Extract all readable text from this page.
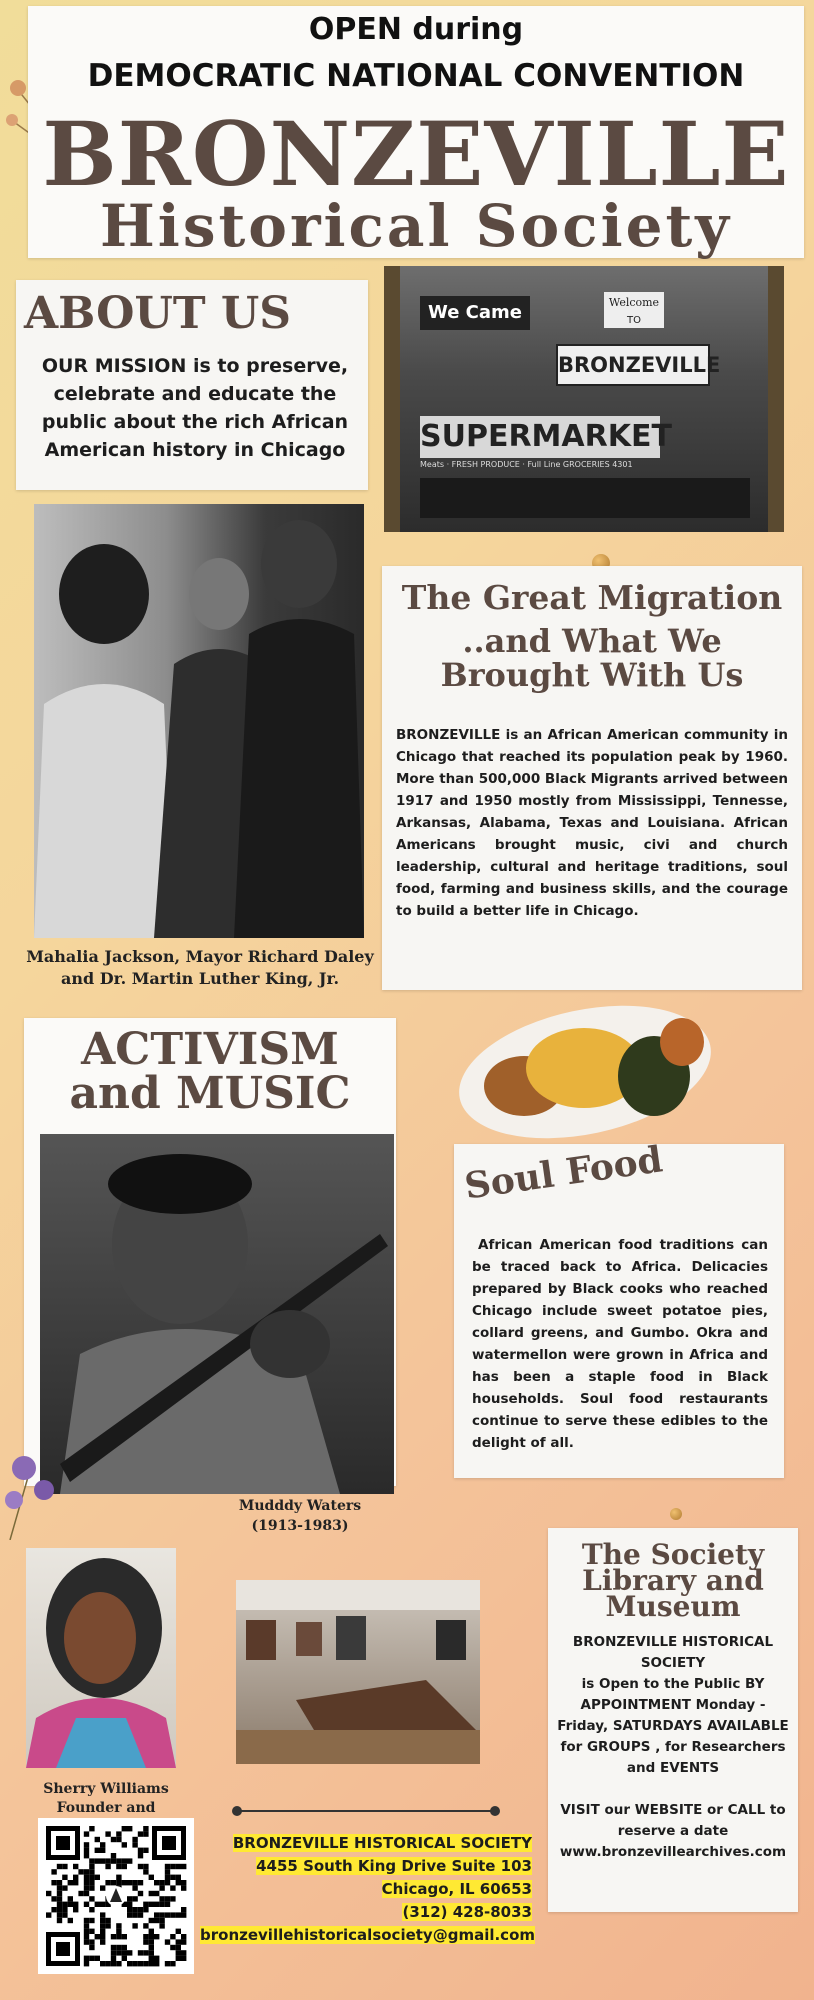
OPEN during
DEMOCRATIC NATIONAL CONVENTION
BRONZEVILLE
Historical Society
ABOUT US
OUR MISSION is to preserve, celebrate and educate the public about the rich African American history in Chicago
We Came	Welcome
TO
BRONZEVILLE
SUPERMARKET
Meats · FRESH PRODUCE · Full Line GROCERIES 4301
Mahalia Jackson, Mayor Richard Daley
and Dr. Martin Luther King, Jr.
The Great Migration
..and What We
Brought With Us
BRONZEVILLE is an African American community in Chicago that reached its population peak by 1960. More than 500,000 Black Migrants arrived between 1917 and 1950 mostly from Mississippi, Tennesse, Arkansas, Alabama, Texas and Louisiana. African Americans brought music, civi and church leadership, cultural and heritage traditions, soul food, farming and business skills, and the courage to build a better life in Chicago.
ACTIVISM
and MUSIC
Mudddy Waters
(1913-1983)
Soul Food
African American food traditions can be traced back to Africa. Delicacies prepared by Black cooks who reached Chicago include sweet potatoe pies, collard greens, and Gumbo. Okra and watermellon were grown in Africa and has been a staple food in Black households. Soul food restaurants continue to serve these edibles to the delight of all.
Sherry Williams
Founder and
The Society
Library and
Museum
BRONZEVILLE HISTORICAL SOCIETY
is Open to the Public BY APPOINTMENT Monday - Friday, SATURDAYS AVAILABLE for GROUPS , for Researchers and EVENTS
VISIT our WEBSITE or CALL to reserve a date
www.bronzevillearchives.com
BRONZEVILLE HISTORICAL SOCIETY
4455 South King Drive Suite 103
Chicago, IL 60653
(312) 428-8033
bronzevillehistoricalsociety@gmail.com
